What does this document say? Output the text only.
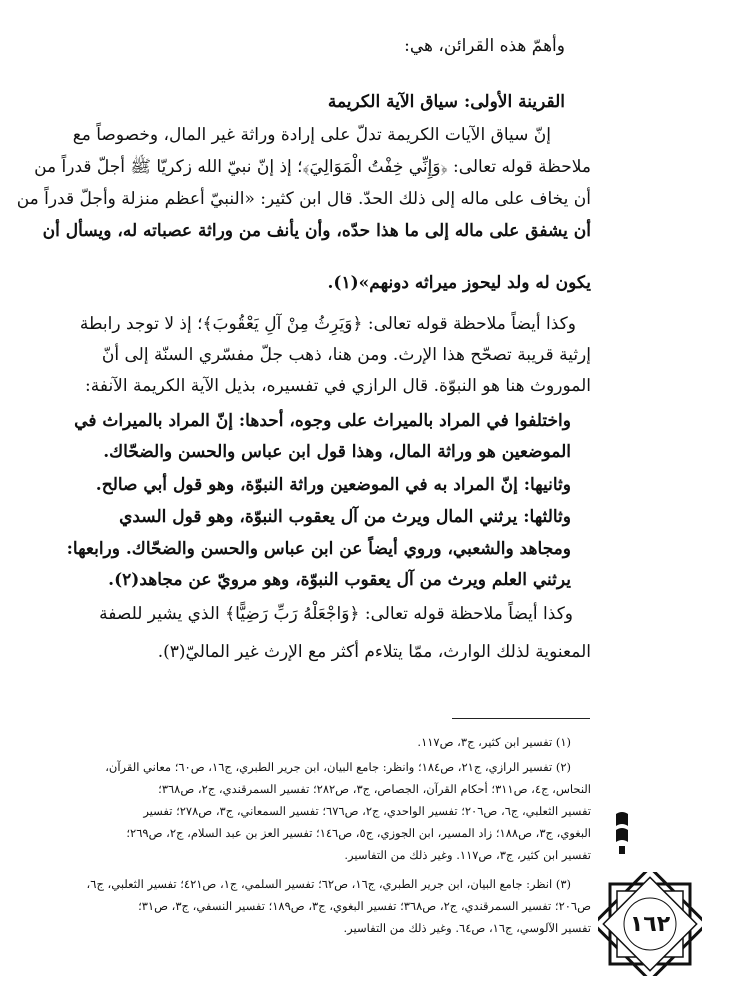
وأهمّ هذه القرائن، هي:
القرينة الأولى: سياق الآية الكريمة
إنّ سياق الآيات الكريمة تدلّ على إرادة وراثة غير المال، وخصوصاً مع
ملاحظة قوله تعالى: ﴿وَإِنِّي خِفْتُ الْمَوَالِيَ﴾؛ إذ إنّ نبيّ الله زكريّا ﷺ أجلّ قدراً من
أن يخاف على ماله إلى ذلك الحدّ. قال ابن كثير: «النبيّ أعظم منزلة وأجلّ قدراً من
أن يشفق على ماله إلى ما هذا حدّه، وأن يأنف من وراثة عصباته له، ويسأل أن
يكون له ولد ليحوز ميراثه دونهم»(١).
وكذا أيضاً ملاحظة قوله تعالى: ﴿وَيَرِثُ مِنْ آلِ يَعْقُوبَ﴾؛ إذ لا توجد رابطة
إرثية قريبة تصحّح هذا الإرث. ومن هنا، ذهب جلّ مفسّري السنّة إلى أنّ
الموروث هنا هو النبوّة. قال الرازي في تفسيره، بذيل الآية الكريمة الآنفة:
واختلفوا في المراد بالميراث على وجوه، أحدها: إنّ المراد بالميراث في
الموضعين هو وراثة المال، وهذا قول ابن عباس والحسن والضحّاك.
وثانيها: إنّ المراد به في الموضعين وراثة النبوّة، وهو قول أبي صالح.
وثالثها: يرثني المال ويرث من آل يعقوب النبوّة، وهو قول السدي
ومجاهد والشعبي، وروي أيضاً عن ابن عباس والحسن والضحّاك. ورابعها:
يرثني العلم ويرث من آل يعقوب النبوّة، وهو مرويّ عن مجاهد(٢).
وكذا أيضاً ملاحظة قوله تعالى: ﴿وَاجْعَلْهُ رَبِّ رَضِيًّا﴾ الذي يشير للصفة
المعنوية لذلك الوارث، ممّا يتلاءم أكثر مع الإرث غير الماليّ(٣).
(١) تفسير ابن كثير، ج٣، ص١١٧.
(٢) تفسير الرازي، ج٢١، ص١٨٤؛ وانظر: جامع البيان، ابن جرير الطبري، ج١٦، ص٦٠؛ معاني القرآن،
النحاس، ج٤، ص٣١١؛ أحكام القرآن، الجصاص، ج٣، ص٢٨٢؛ تفسير السمرقندي، ج٢، ص٣٦٨؛
تفسير الثعلبي، ج٦، ص٢٠٦؛ تفسير الواحدي، ج٢، ص٦٧٦؛ تفسير السمعاني، ج٣، ص٢٧٨؛ تفسير
البغوي، ج٣، ص١٨٨؛ زاد المسير، ابن الجوزي، ج٥، ص١٤٦؛ تفسير العز بن عبد السلام، ج٢، ص٢٦٩؛
تفسير ابن كثير، ج٣، ص١١٧. وغير ذلك من التفاسير.
(٣) انظر: جامع البيان، ابن جرير الطبري، ج١٦، ص٦٢؛ تفسير السلمي، ج١، ص٤٢١؛ تفسير الثعلبي، ج٦،
ص٢٠٦؛ تفسير السمرقندي، ج٢، ص٣٦٨؛ تفسير البغوي، ج٣، ص١٨٩؛ تفسير النسفي، ج٣، ص٣١؛
تفسير الآلوسي، ج١٦، ص٦٤. وغير ذلك من التفاسير.	١٦٢
